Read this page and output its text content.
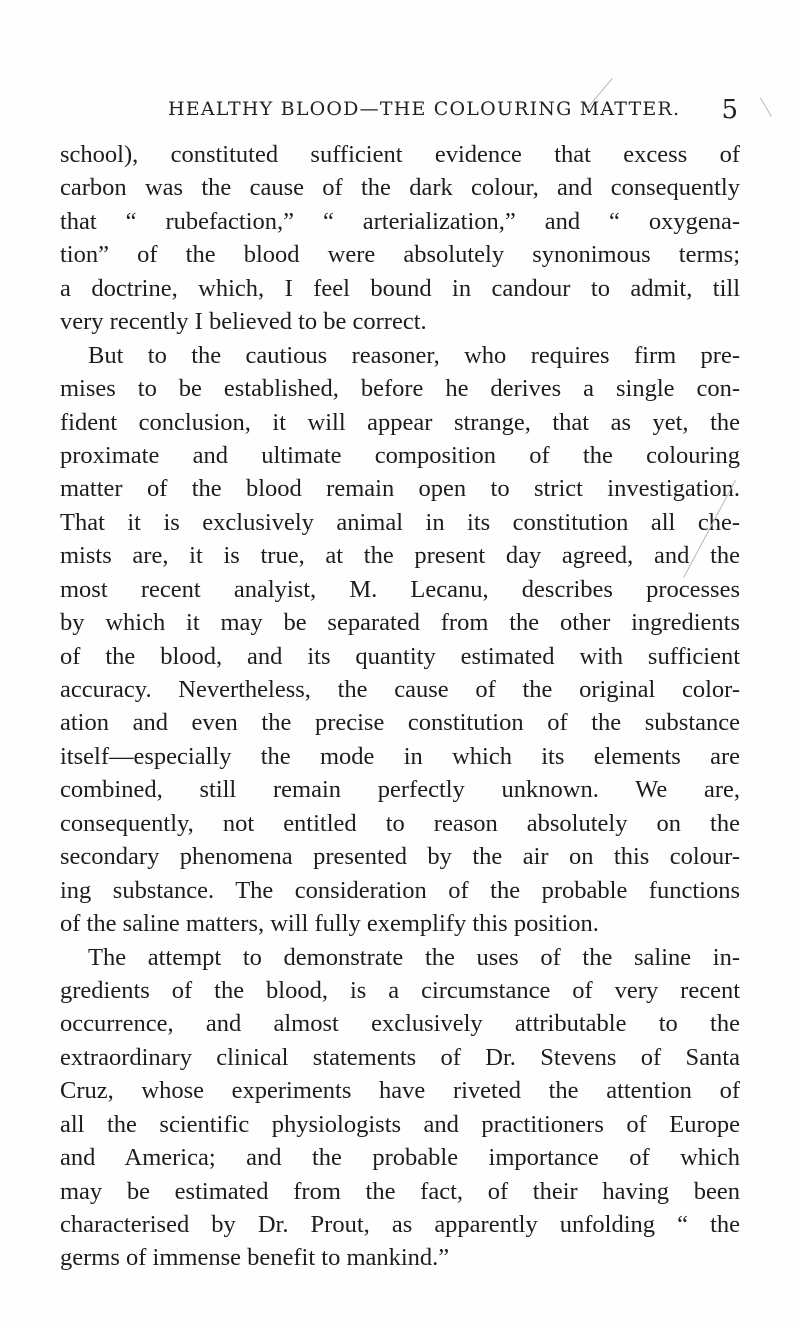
HEALTHY BLOOD—THE COLOURING MATTER. 5
school), constituted sufficient evidence that excess of
carbon was the cause of the dark colour, and consequently
that “ rubefaction,” “ arterialization,” and “ oxygena-
tion” of the blood were absolutely synonimous terms;
a doctrine, which, I feel bound in candour to admit, till
very recently I believed to be correct.
But to the cautious reasoner, who requires firm pre-
mises to be established, before he derives a single con-
fident conclusion, it will appear strange, that as yet, the
proximate and ultimate composition of the colouring
matter of the blood remain open to strict investigation.
That it is exclusively animal in its constitution all che-
mists are, it is true, at the present day agreed, and the
most recent analyist, M. Lecanu, describes processes
by which it may be separated from the other ingredients
of the blood, and its quantity estimated with sufficient
accuracy. Nevertheless, the cause of the original color-
ation and even the precise constitution of the substance
itself—especially the mode in which its elements are
combined, still remain perfectly unknown. We are,
consequently, not entitled to reason absolutely on the
secondary phenomena presented by the air on this colour-
ing substance. The consideration of the probable functions
of the saline matters, will fully exemplify this position.
The attempt to demonstrate the uses of the saline in-
gredients of the blood, is a circumstance of very recent
occurrence, and almost exclusively attributable to the
extraordinary clinical statements of Dr. Stevens of Santa
Cruz, whose experiments have riveted the attention of
all the scientific physiologists and practitioners of Europe
and America; and the probable importance of which
may be estimated from the fact, of their having been
characterised by Dr. Prout, as apparently unfolding “ the
germs of immense benefit to mankind.”
